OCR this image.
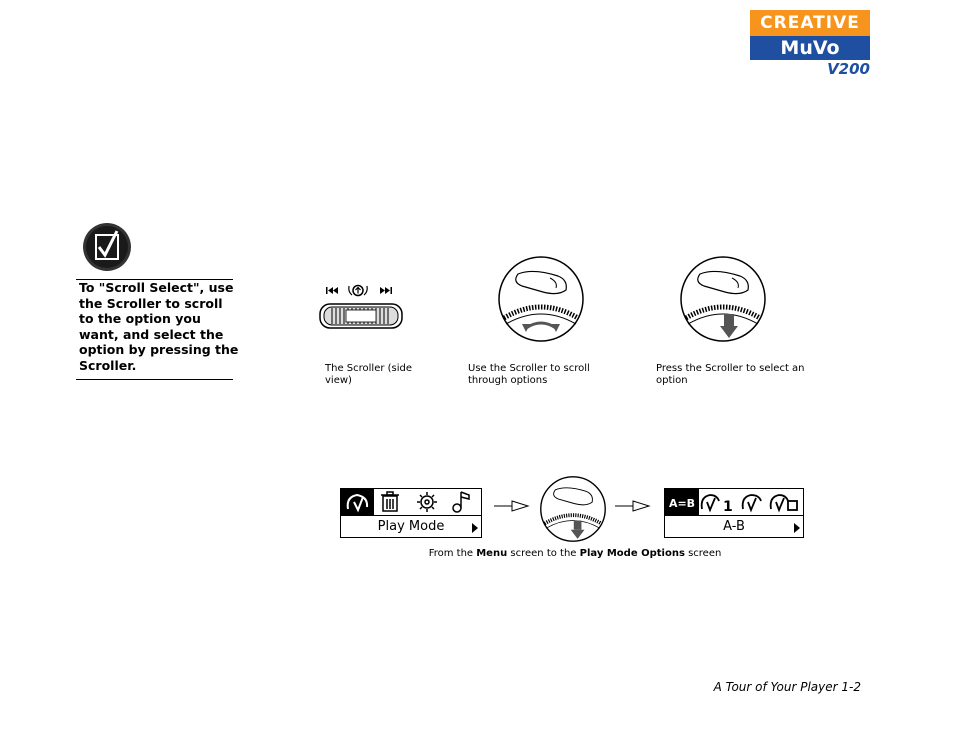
CREATIVE
MuVo
V200
To "Scroll Select", use the Scroller to scroll to the option you want, and select the option by pressing the Scroller.	The Scroller (side view)
Use the Scroller to scroll through options
Press the Scroller to select an option
Play Mode
A=B 1
A-B
From the Menu screen to the Play Mode Options screen
A Tour of Your Player 1-2
